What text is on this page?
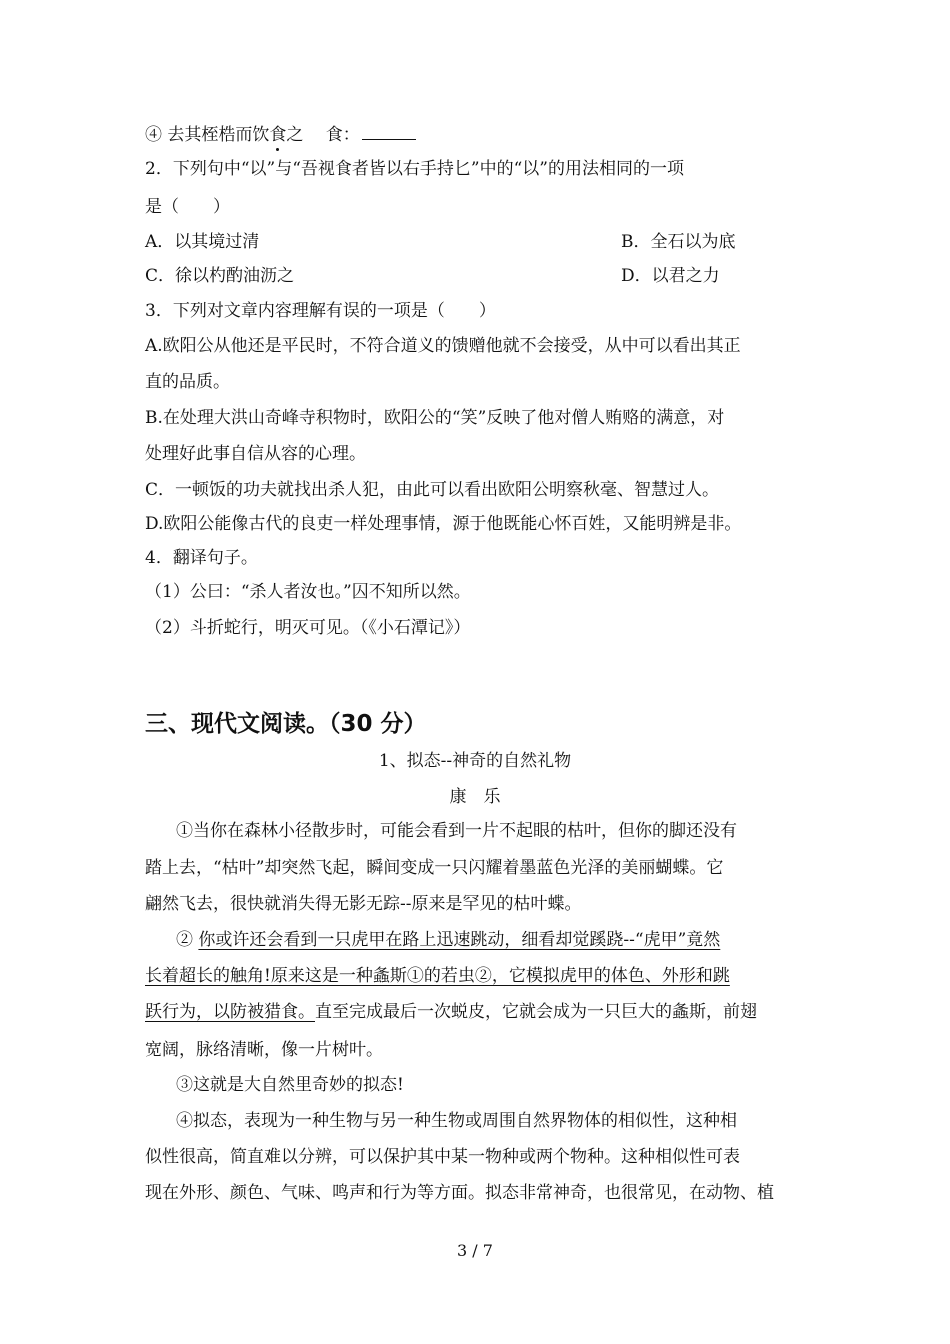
④ 去其桎梏而饮食之　 食：
2．下列句中“以”与“吾视食者皆以右手持匕”中的“以”的用法相同的一项
是（　　）
A．以其境过清	B．全石以为底
C．徐以杓酌油沥之	D．以君之力
3．下列对文章内容理解有误的一项是（　　）
A.欧阳公从他还是平民时，不符合道义的馈赠他就不会接受，从中可以看出其正
直的品质。
B.在处理大洪山奇峰寺积物时，欧阳公的“笑”反映了他对僧人贿赂的满意，对
处理好此事自信从容的心理。
C．一顿饭的功夫就找出杀人犯，由此可以看出欧阳公明察秋毫、智慧过人。
D.欧阳公能像古代的良吏一样处理事情，源于他既能心怀百姓，又能明辨是非。
4．翻译句子。
（1）公曰：“杀人者汝也。”囚不知所以然。
（2）斗折蛇行，明灭可见。（《小石潭记》）
三、现代文阅读。（30 分）
1、拟态--神奇的自然礼物
康　乐
①当你在森林小径散步时，可能会看到一片不起眼的枯叶，但你的脚还没有
踏上去，“枯叶”却突然飞起，瞬间变成一只闪耀着墨蓝色光泽的美丽蝴蝶。它
翩然飞去，很快就消失得无影无踪--原来是罕见的枯叶蝶。
② 你或许还会看到一只虎甲在路上迅速跳动，细看却觉蹊跷--“虎甲”竟然
长着超长的触角!原来这是一种螽斯①的若虫②，它模拟虎甲的体色、外形和跳
跃行为，以防被猎食。直至完成最后一次蜕皮，它就会成为一只巨大的螽斯，前翅
宽阔，脉络清晰，像一片树叶。
③这就是大自然里奇妙的拟态!
④拟态，表现为一种生物与另一种生物或周围自然界物体的相似性，这种相
似性很高，简直难以分辨，可以保护其中某一物种或两个物种。这种相似性可表
现在外形、颜色、气味、鸣声和行为等方面。拟态非常神奇，也很常见，在动物、植
3 / 7
